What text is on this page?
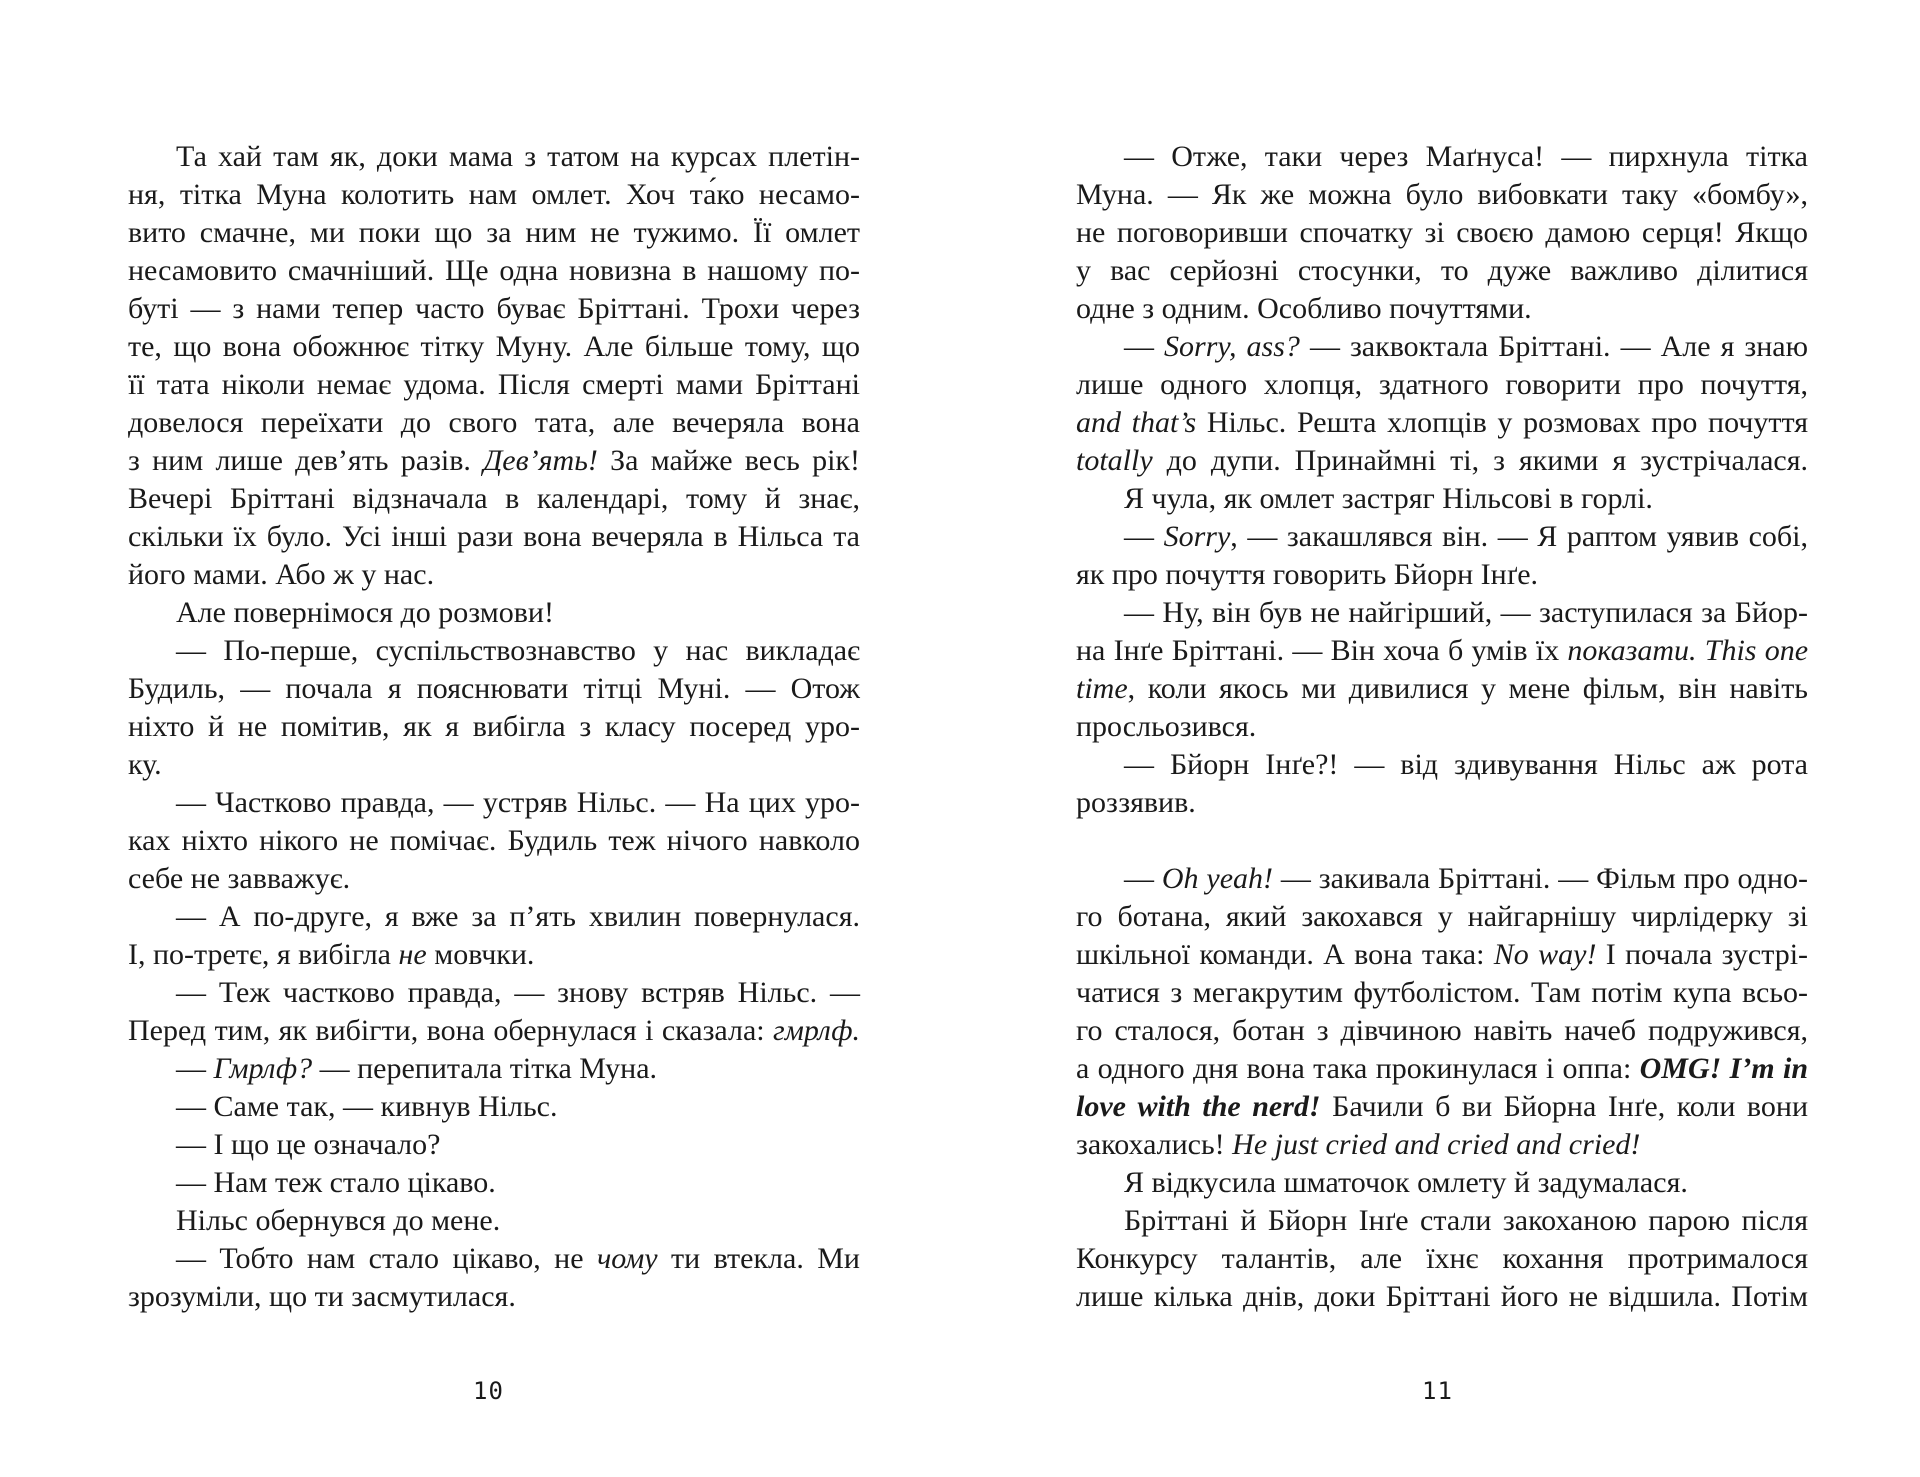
Та хай там як, доки мама з татом на курсах плетін-
ня, тітка Муна колотить нам омлет. Хоч та́ко несамо-
вито смачне, ми поки що за ним не тужимо. Її омлет
несамовито смачніший. Ще одна новизна в нашому по-
буті — з нами тепер часто буває Бріттані. Трохи через
те, що вона обожнює тітку Муну. Але більше тому, що
її тата ніколи немає удома. Після смерті мами Бріттані
довелося переїхати до свого тата, але вечеряла вона
з ним лише дев’ять разів. Дев’ять! За майже весь рік!
Вечері Бріттані відзначала в календарі, тому й знає,
скільки їх було. Усі інші рази вона вечеряла в Нільса та
його мами. Або ж у нас.
Але повернімося до розмови!
— По-перше, суспільствознавство у нас викладає
Будиль, — почала я пояснювати тітці Муні. — Отож
ніхто й не помітив, як я вибігла з класу посеред уро-
ку.
— Частково правда, — устряв Нільс. — На цих уро-
ках ніхто нікого не помічає. Будиль теж нічого навколо
себе не завважує.
— А по-друге, я вже за п’ять хвилин повернулася.
І, по-третє, я вибігла не мовчки.
— Теж частково правда, — знову встряв Нільс. —
Перед тим, як вибігти, вона обернулася і сказала: гмрлф.
— Гмрлф? — перепитала тітка Муна.
— Саме так, — кивнув Нільс.
— І що це означало?
— Нам теж стало цікаво.
Нільс обернувся до мене.
— Тобто нам стало цікаво, не чому ти втекла. Ми
зрозуміли, що ти засмутилася.
— Отже, таки через Маґнуса! — пирхнула тітка
Муна. — Як же можна було вибовкати таку «бомбу»,
не поговоривши спочатку зі своєю дамою серця! Якщо
у вас серйозні стосунки, то дуже важливо ділитися
одне з одним. Особливо почуттями.
— Sorry, ass? — заквоктала Бріттані. — Але я знаю
лише одного хлопця, здатного говорити про почуття,
and that’s Нільс. Решта хлопців у розмовах про почуття
totally до дупи. Принаймні ті, з якими я зустрічалася.
Я чула, як омлет застряг Нільсові в горлі.
— Sorry, — закашлявся він. — Я раптом уявив собі,
як про почуття говорить Бйорн Інґе.
— Ну, він був не найгірший, — заступилася за Бйор-
на Інґе Бріттані. — Він хоча б умів їх показати. This one
time, коли якось ми дивилися у мене фільм, він навіть
просльозився.
— Бйорн Інґе?! — від здивування Нільс аж рота
роззявив.
— Oh yeah! — закивала Бріттані. — Фільм про одно-
го ботана, який закохався у найгарнішу чирлідерку зі
шкільної команди. А вона така: No way! І почала зустрі-
чатися з мегакрутим футболістом. Там потім купа всьо-
го сталося, ботан з дівчиною навіть начеб подружився,
а одного дня вона така прокинулася і оппа: OMG! I’m in
love with the nerd! Бачили б ви Бйорна Інґе, коли вони
закохались! He just cried and cried and cried!
Я відкусила шматочок омлету й задумалася.
Бріттані й Бйорн Інґе стали закоханою парою після
Конкурсу талантів, але їхнє кохання протрималося
лише кілька днів, доки Бріттані його не відшила. Потім
10	11
